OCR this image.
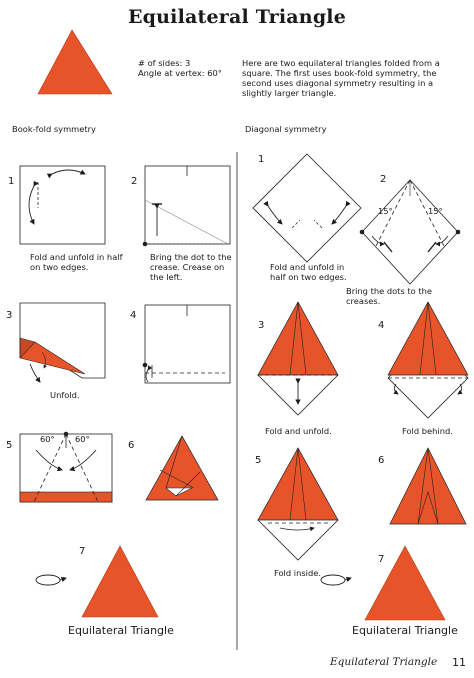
Equilateral Triangle
# of sides: 3
Angle at vertex: 60°
Here are two equilateral triangles folded from a square. The first uses book-fold symmetry, the second uses diagonal symmetry resulting in a slightly larger triangle.
Book-fold symmetry	Diagonal symmetry
1	2
3	4
5	6
7
1
2
3	4
5	6
7
60° 60°
15°	15°
Fold and unfold in half on two edges.
Bring the dot to the crease. Crease on the left.
Unfold.
Fold and unfold in half on two edges.
Bring the dots to the creases.
Fold and unfold.	Fold behind.
Fold inside.
Equilateral Triangle	Equilateral Triangle
Equilateral Triangle 11
